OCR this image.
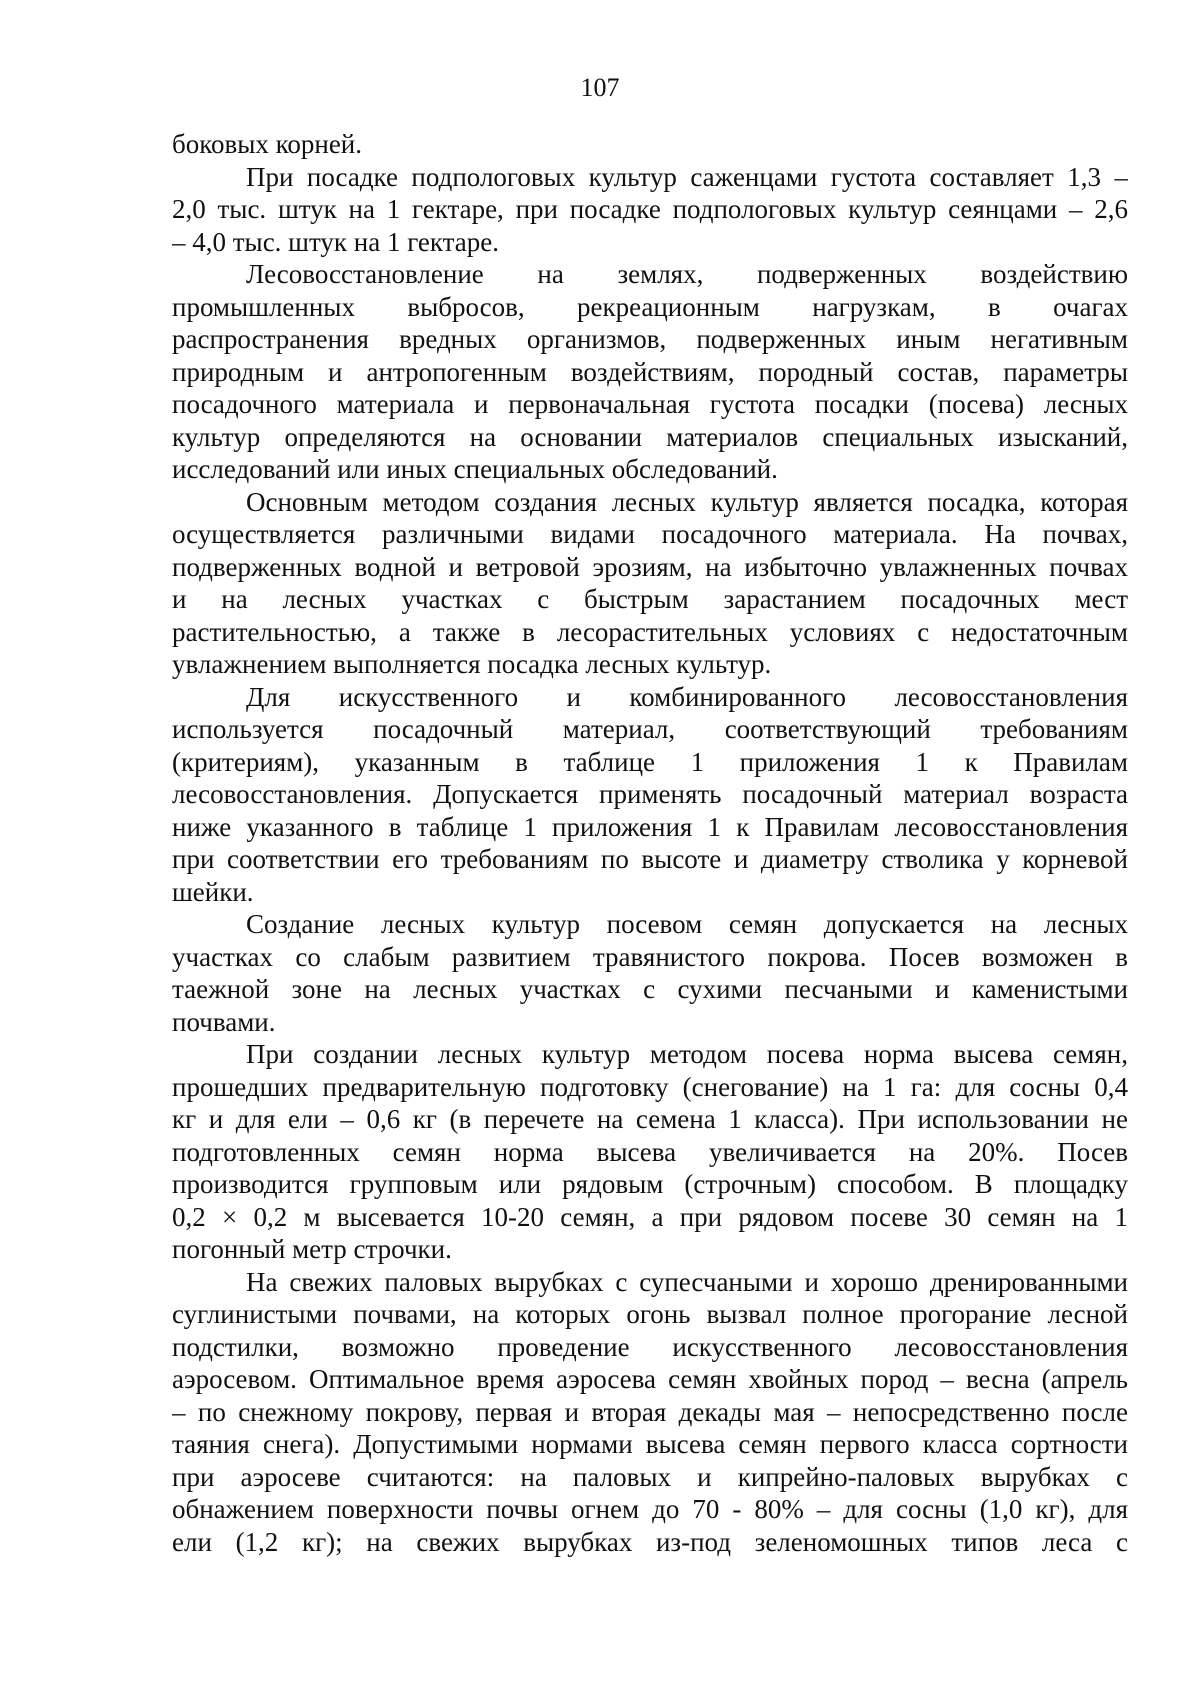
107
боковых корней.
При посадке подпологовых культур саженцами густота составляет 1,3 –
2,0 тыс. штук на 1 гектаре, при посадке подпологовых культур сеянцами – 2,6
– 4,0 тыс. штук на 1 гектаре.
Лесовосстановление на землях, подверженных воздействию
промышленных выбросов, рекреационным нагрузкам, в очагах
распространения вредных организмов, подверженных иным негативным
природным и антропогенным воздействиям, породный состав, параметры
посадочного материала и первоначальная густота посадки (посева) лесных
культур определяются на основании материалов специальных изысканий,
исследований или иных специальных обследований.
Основным методом создания лесных культур является посадка, которая
осуществляется различными видами посадочного материала. На почвах,
подверженных водной и ветровой эрозиям, на избыточно увлажненных почвах
и на лесных участках с быстрым зарастанием посадочных мест
растительностью, а также в лесорастительных условиях с недостаточным
увлажнением выполняется посадка лесных культур.
Для искусственного и комбинированного лесовосстановления
используется посадочный материал, соответствующий требованиям
(критериям), указанным в таблице 1 приложения 1 к Правилам
лесовосстановления. Допускается применять посадочный материал возраста
ниже указанного в таблице 1 приложения 1 к Правилам лесовосстановления
при соответствии его требованиям по высоте и диаметру стволика у корневой
шейки.
Создание лесных культур посевом семян допускается на лесных
участках со слабым развитием травянистого покрова. Посев возможен в
таежной зоне на лесных участках с сухими песчаными и каменистыми
почвами.
При создании лесных культур методом посева норма высева семян,
прошедших предварительную подготовку (снегование) на 1 га: для сосны 0,4
кг и для ели – 0,6 кг (в перечете на семена 1 класса). При использовании не
подготовленных семян норма высева увеличивается на 20%. Посев
производится групповым или рядовым (строчным) способом. В площадку
0,2 × 0,2 м высевается 10-20 семян, а при рядовом посеве 30 семян на 1
погонный метр строчки.
На свежих паловых вырубках с супесчаными и хорошо дренированными
суглинистыми почвами, на которых огонь вызвал полное прогорание лесной
подстилки, возможно проведение искусственного лесовосстановления
аэросевом. Оптимальное время аэросева семян хвойных пород – весна (апрель
– по снежному покрову, первая и вторая декады мая – непосредственно после
таяния снега). Допустимыми нормами высева семян первого класса сортности
при аэросеве считаются: на паловых и кипрейно-паловых вырубках с
обнажением поверхности почвы огнем до 70 - 80% – для сосны (1,0 кг), для
ели (1,2 кг); на свежих вырубках из-под зеленомошных типов леса с
